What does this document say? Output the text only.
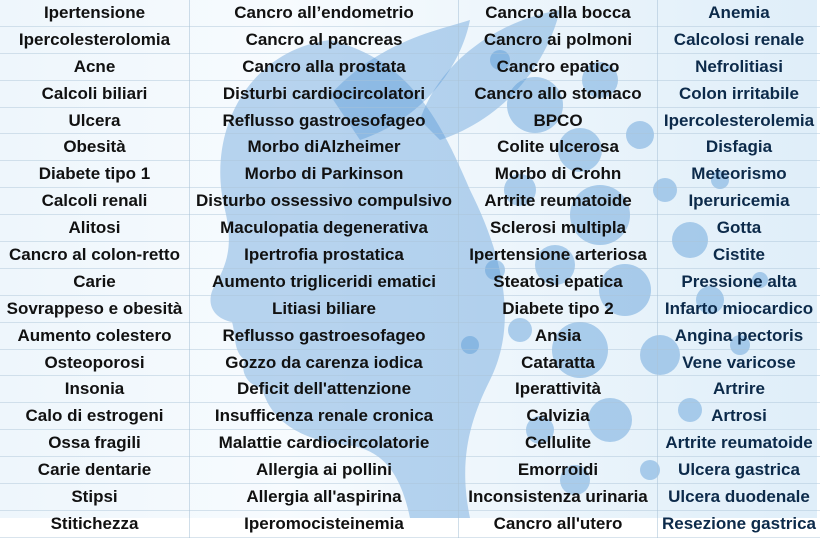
Ipertensione	Cancro all’endometrio	Cancro alla bocca	Anemia
Ipercolesterolomia	Cancro al pancreas	Cancro ai polmoni	Calcolosi renale
Acne	Cancro alla prostata	Cancro epatico	Nefrolitiasi
Calcoli biliari	Disturbi cardiocircolatori	Cancro allo stomaco	Colon irritabile
Ulcera	Reflusso gastroesofageo	BPCO	Ipercolesterolemia
Obesità	Morbo diAlzheimer	Colite ulcerosa	Disfagia
Diabete tipo 1	Morbo di Parkinson	Morbo di Crohn	Meteorismo
Calcoli renali	Disturbo ossessivo compulsivo	Artrite reumatoide	Iperuricemia
Alitosi	Maculopatia degenerativa	Sclerosi multipla	Gotta
Cancro al colon-retto	Ipertrofia prostatica	Ipertensione arteriosa	Cistite
Carie	Aumento trigliceridi ematici	Steatosi epatica	Pressione alta
Sovrappeso e obesità	Litiasi biliare	Diabete tipo 2	Infarto miocardico
Aumento colestero	Reflusso gastroesofageo	Ansia	Angina pectoris
Osteoporosi	Gozzo da carenza iodica	Cataratta	Vene varicose
Insonia	Deficit dell'attenzione	Iperattività	Artrire
Calo di estrogeni	Insufficenza renale cronica	Calvizia	Artrosi
Ossa fragili	Malattie cardiocircolatorie	Cellulite	Artrite reumatoide
Carie dentarie	Allergia ai pollini	Emorroidi	Ulcera gastrica
Stipsi	Allergia all'aspirina	Inconsistenza urinaria	Ulcera duodenale
Stitichezza	Iperomocisteinemia	Cancro all'utero	Resezione gastrica
